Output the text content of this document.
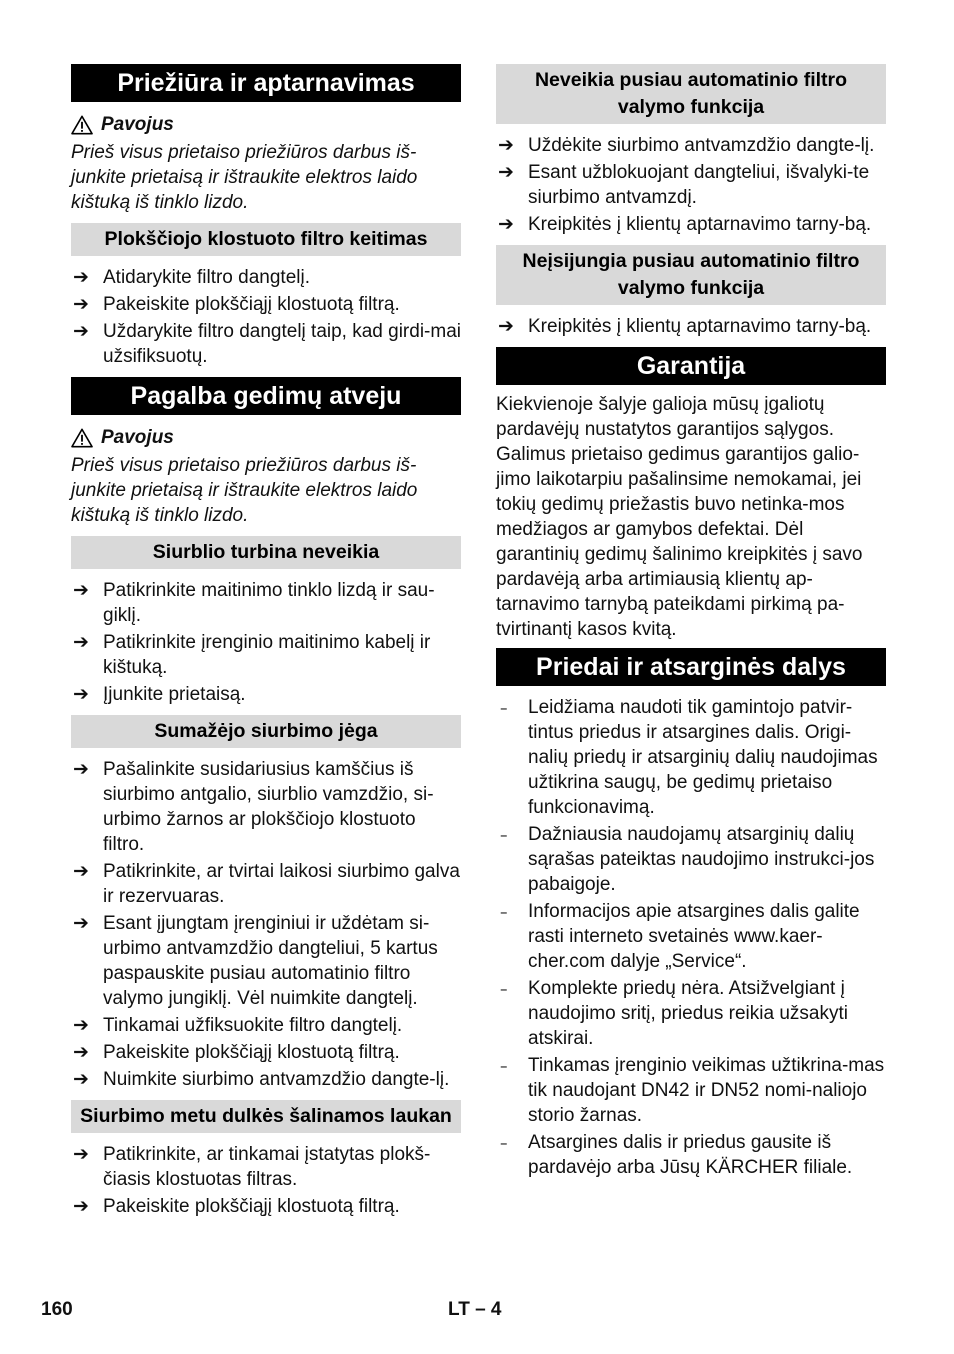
Priežiūra ir aptarnavimas
Pavojus

Prieš visus prietaiso priežiūros darbus iš-junkite prietaisą ir ištraukite elektros laido kištuką iš tinklo lizdo.

Plokščiojo klostuoto filtro keitimas
➔ Atidarykite filtro dangtelį.
➔ Pakeiskite plokščiąjį klostuotą filtrą.
➔ Uždarykite filtro dangtelį taip, kad girdi-mai užsifiksuotų.
Pagalba gedimų atveju
Pavojus

Prieš visus prietaiso priežiūros darbus iš-junkite prietaisą ir ištraukite elektros laido kištuką iš tinklo lizdo.

Siurblio turbina neveikia
➔ Patikrinkite maitinimo tinklo lizdą ir sau-giklį.
➔ Patikrinkite įrenginio maitinimo kabelį ir kištuką.
➔ Įjunkite prietaisą.
Sumažėjo siurbimo jėga
➔ Pašalinkite susidariusius kamščius iš siurbimo antgalio, siurblio vamzdžio, si-urbimo žarnos ar plokščiojo klostuoto filtro.
➔ Patikrinkite, ar tvirtai laikosi siurbimo galva ir rezervuaras.
➔ Esant įjungtam įrenginiui ir uždėtam si-urbimo antvamzdžio dangteliui, 5 kartus paspauskite pusiau automatinio filtro valymo jungiklį. Vėl nuimkite dangtelį.
➔ Tinkamai užfiksuokite filtro dangtelį.
➔ Pakeiskite plokščiąjį klostuotą filtrą.
➔ Nuimkite siurbimo antvamzdžio dangte-lį.
Siurbimo metu dulkės šalinamos laukan
➔ Patikrinkite, ar tinkamai įstatytas plokš-čiasis klostuotas filtras.
➔ Pakeiskite plokščiąjį klostuotą filtrą.
Neveikia pusiau automatinio filtro valymo funkcija
➔ Uždėkite siurbimo antvamzdžio dangte-lį.
➔ Esant užblokuojant dangteliui, išvalyki-te siurbimo antvamzdį.
➔ Kreipkitės į klientų aptarnavimo tarny-bą.
Neįsijungia pusiau automatinio filtro valymo funkcija
➔ Kreipkitės į klientų aptarnavimo tarny-bą.
Garantija

Kiekvienoje šalyje galioja mūsų įgaliotų pardavėjų nustatytos garantijos sąlygos. Galimus prietaiso gedimus garantijos galio-jimo laikotarpiu pašalinsime nemokamai, jei tokių gedimų priežastis buvo netinka-mos medžiagos ar gamybos defektai. Dėl garantinių gedimų šalinimo kreipkitės į savo pardavėją arba artimiausią klientų ap-tarnavimo tarnybą pateikdami pirkimą pa-tvirtinantį kasos kvitą.

Priedai ir atsarginės dalys
– Leidžiama naudoti tik gamintojo patvir-tintus priedus ir atsargines dalis. Origi-nalių priedų ir atsarginių dalių naudojimas užtikrina saugų, be gedimų prietaiso funkcionavimą.
– Dažniausia naudojamų atsarginių dalių sąrašas pateiktas naudojimo instrukci-jos pabaigoje.
– Informacijos apie atsargines dalis galite rasti interneto svetainės www.kaer-cher.com dalyje „Service“.
– Komplekte priedų nėra. Atsižvelgiant į naudojimo sritį, priedus reikia užsakyti atskirai.
– Tinkamas įrenginio veikimas užtikrina-mas tik naudojant DN42 ir DN52 nomi-naliojo storio žarnas.
– Atsargines dalis ir priedus gausite iš pardavėjo arba Jūsų KÄRCHER filiale.
160	LT – 4
